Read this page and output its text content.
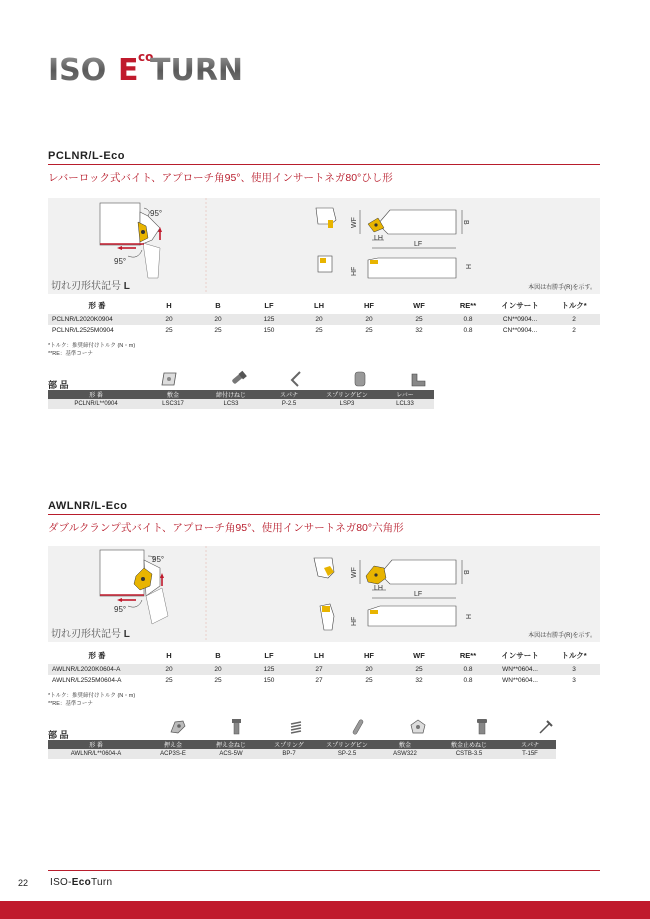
ISO E co
TURN
PCLNR/L-Eco
レバーロック式バイト、アプローチ角95°、使用インサートネガ80°ひし形
95°
95°
WF
LH
LF
B
HF
H
切れ刃形状記号 L	本図は右勝手(R)を示す。
形 番	H	B	LF	LH	HF	WF	RE**	インサート	トルク*
PCLNR/L2020K0904	20	20	125	20	20	25	0.8	CN**0904...	2
PCLNR/L2525M0904	25	25	150	25	25	32	0.8	CN**0904...	2
*トルク：推奨締付けトルク (N・m)
**RE：基準コーナ
部 品
形 番	敷金	締付けねじ	スパナ	スプリングピン	レバー
PCLNR/L**0904	LSC317	LCS3	P-2.5	LSP3	LCL33
AWLNR/L-Eco
ダブルクランプ式バイト、アプローチ角95°、使用インサートネガ80°六角形
95°
95°
WF
LH
LF
B
HF
H
切れ刃形状記号 L	本図は右勝手(R)を示す。
形 番	H	B	LF	LH	HF	WF	RE**	インサート	トルク*
AWLNR/L2020K0604-A	20	20	125	27	20	25	0.8	WN**0604...	3
AWLNR/L2525M0604-A	25	25	150	27	25	32	0.8	WN**0604...	3
*トルク：推奨締付けトルク (N・m)
**RE：基準コーナ
部 品
形 番	押え金	押え金ねじ	スプリング	スプリングピン	敷金	敷金止めねじ	スパナ
AWLNR/L**0604-A	ACP3S-E	ACS-5W	BP-7	SP-2.5	ASW322	CSTB-3.5	T-15F
22 ISO-EcoTurn
